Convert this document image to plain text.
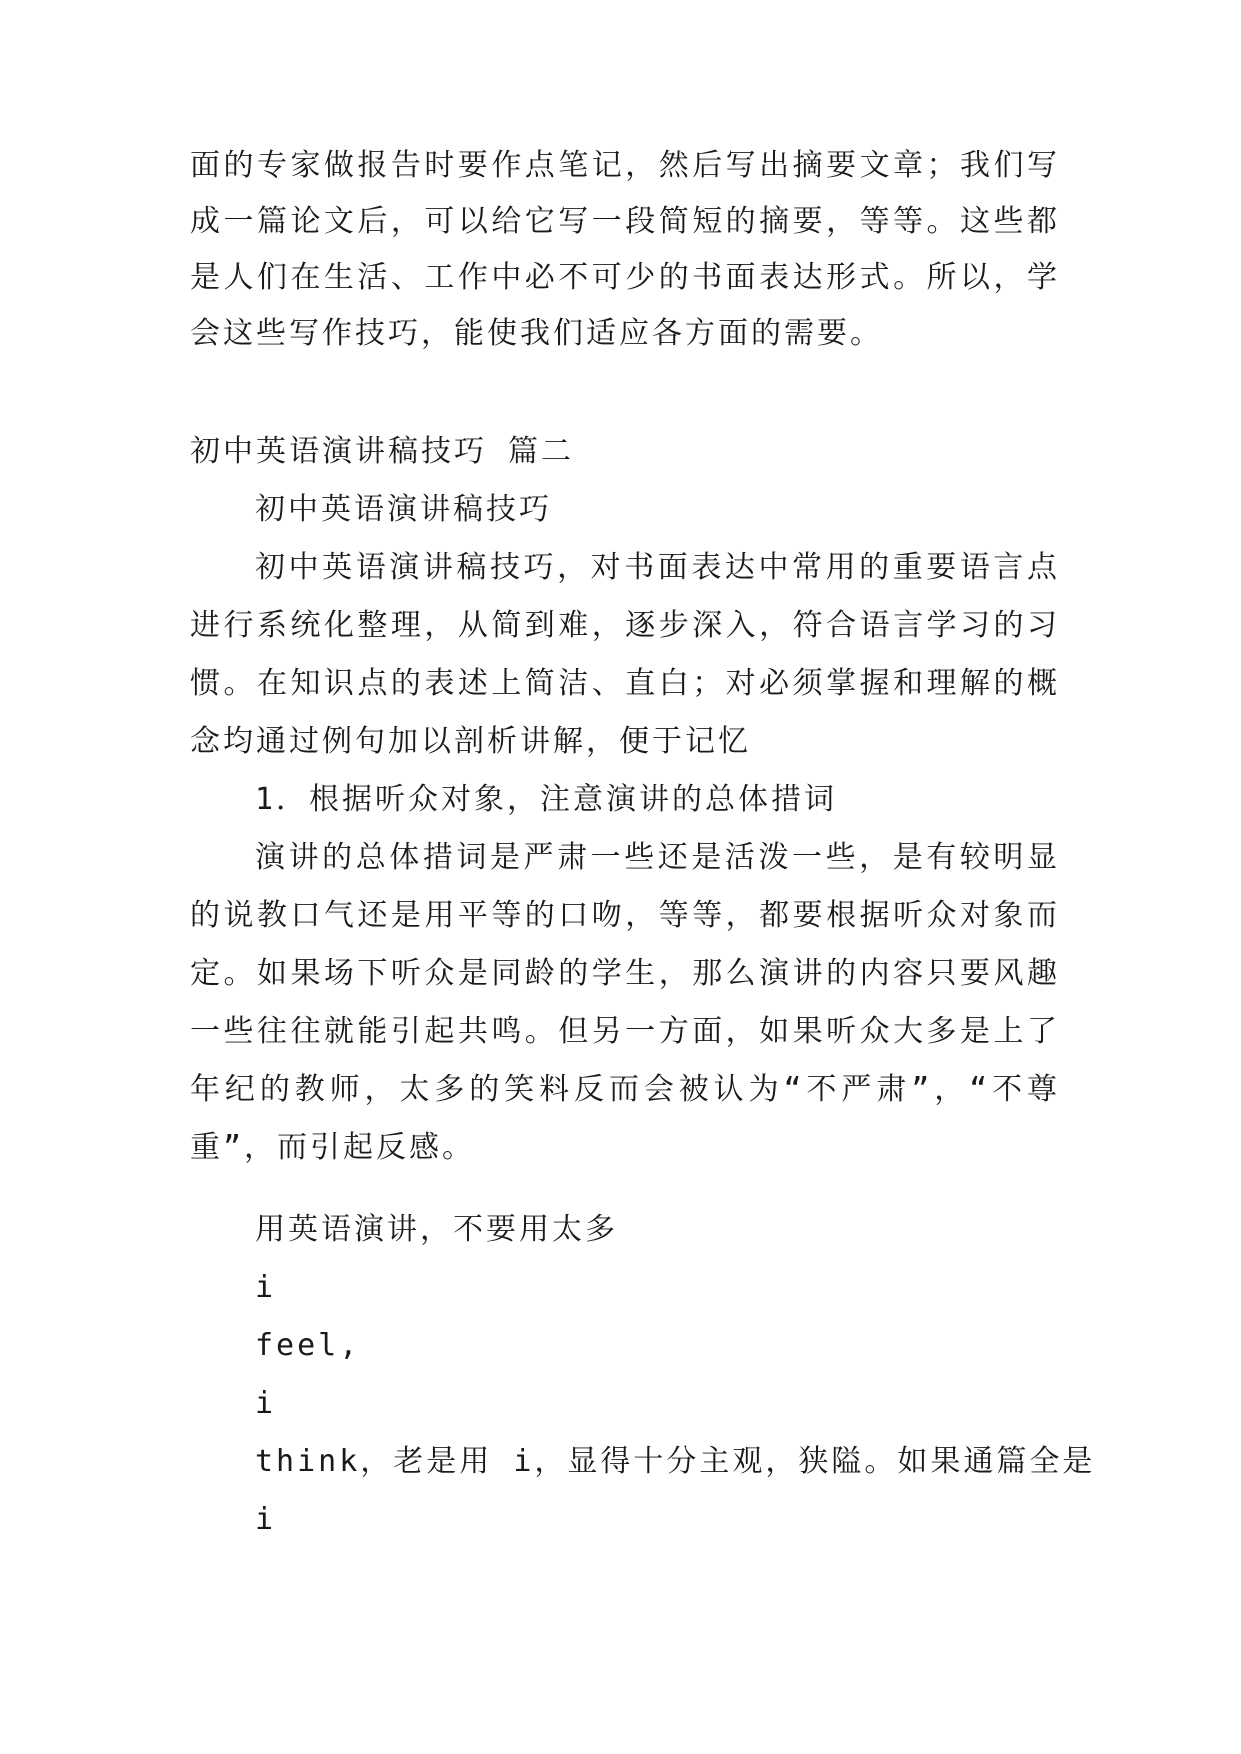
面的专家做报告时要作点笔记，然后写出摘要文章；我们写
成一篇论文后，可以给它写一段简短的摘要，等等。这些都
是人们在生活、工作中必不可少的书面表达形式。所以，学
会这些写作技巧，能使我们适应各方面的需要。
初中英语演讲稿技巧 篇二
初中英语演讲稿技巧
初中英语演讲稿技巧，对书面表达中常用的重要语言点
进行系统化整理，从简到难，逐步深入，符合语言学习的习
惯。在知识点的表述上简洁、直白；对必须掌握和理解的概
念均通过例句加以剖析讲解，便于记忆
1．根据听众对象，注意演讲的总体措词
演讲的总体措词是严肃一些还是活泼一些，是有较明显
的说教口气还是用平等的口吻，等等，都要根据听众对象而
定。如果场下听众是同龄的学生，那么演讲的内容只要风趣
一些往往就能引起共鸣。但另一方面，如果听众大多是上了
年纪的教师，太多的笑料反而会被认为“不严肃”，“不尊
重”，而引起反感。
用英语演讲，不要用太多
i
feel,
i
think，老是用 i，显得十分主观，狭隘。如果通篇全是
i
